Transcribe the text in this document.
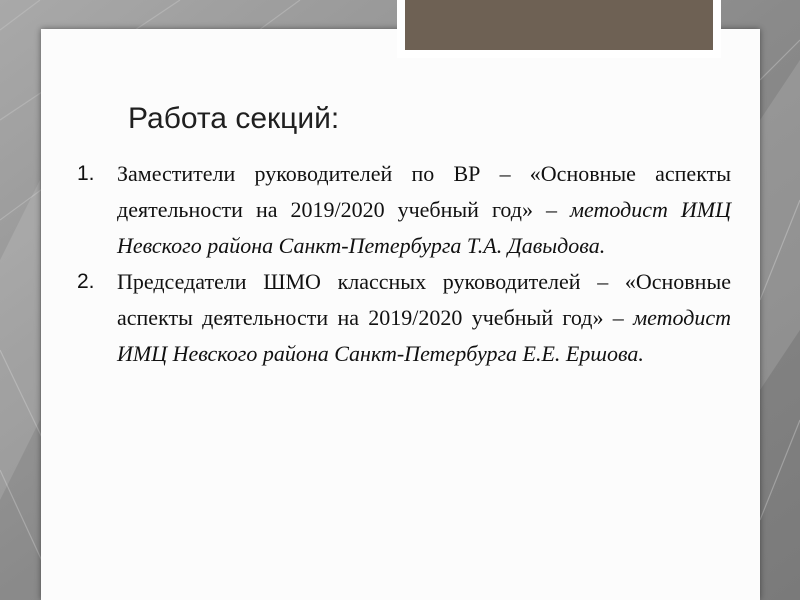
Работа секций:
1. Заместители руководителей по ВР – «Основные аспекты деятельности на 2019/2020 учебный год» – методист ИМЦ Невского района Санкт-Петербурга Т.А. Давыдова.
2. Председатели ШМО классных руководителей – «Основные аспекты деятельности на 2019/2020 учебный год» – методист ИМЦ Невского района Санкт-Петербурга Е.Е. Ершова.
